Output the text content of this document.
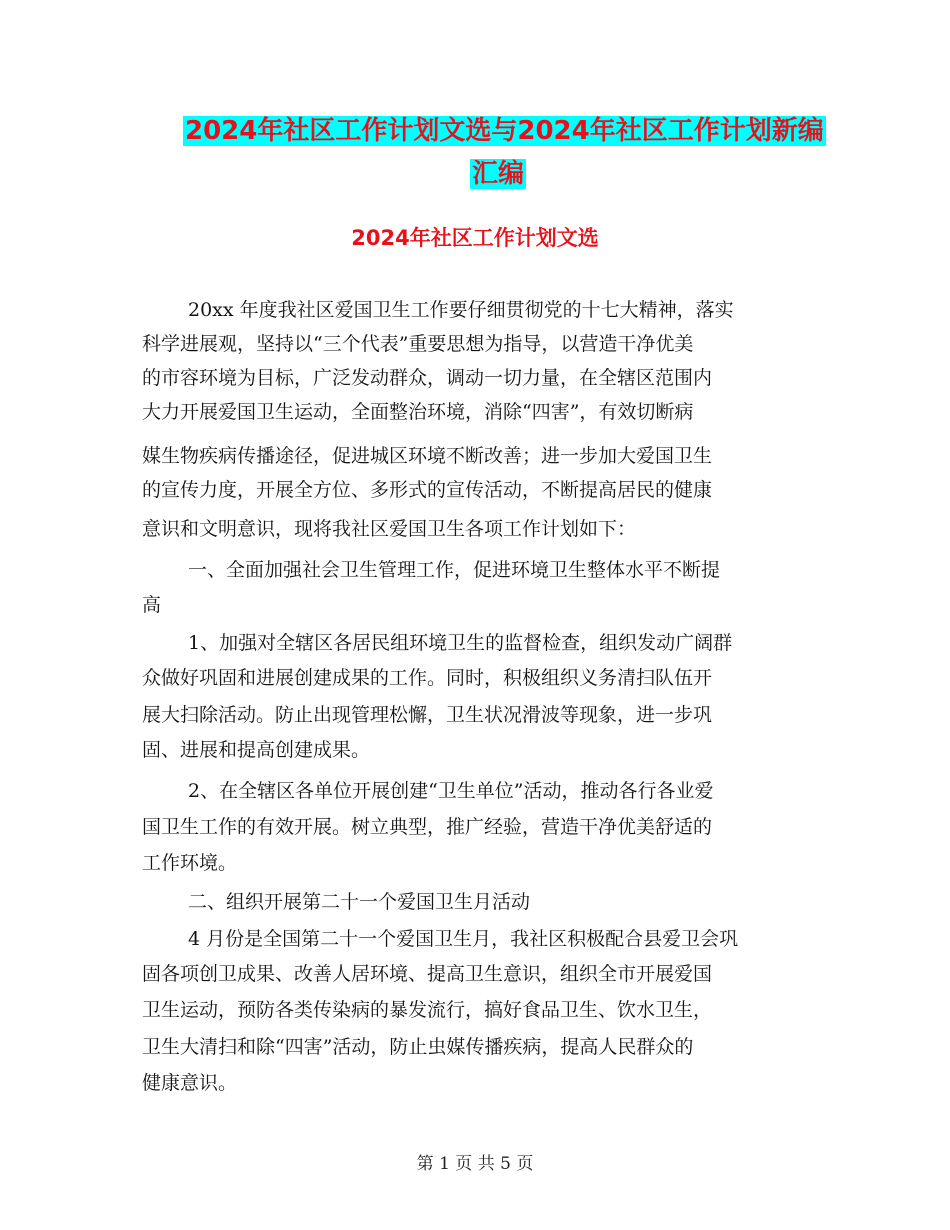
2024年社区工作计划文选与2024年社区工作计划新编
汇编
2024年社区工作计划文选
20xx 年度我社区爱国卫生工作要仔细贯彻党的十七大精神，落实
科学进展观，坚持以“三个代表”重要思想为指导，以营造干净优美
的市容环境为目标，广泛发动群众，调动一切力量，在全辖区范围内
大力开展爱国卫生运动，全面整治环境，消除“四害”，有效切断病
媒生物疾病传播途径，促进城区环境不断改善；进一步加大爱国卫生
的宣传力度，开展全方位、多形式的宣传活动，不断提高居民的健康
意识和文明意识，现将我社区爱国卫生各项工作计划如下：
一、全面加强社会卫生管理工作，促进环境卫生整体水平不断提
高
1、加强对全辖区各居民组环境卫生的监督检查，组织发动广阔群
众做好巩固和进展创建成果的工作。同时，积极组织义务清扫队伍开
展大扫除活动。防止出现管理松懈，卫生状况滑波等现象，进一步巩
固、进展和提高创建成果。
2、在全辖区各单位开展创建“卫生单位”活动，推动各行各业爱
国卫生工作的有效开展。树立典型，推广经验，营造干净优美舒适的
工作环境。
二、组织开展第二十一个爱国卫生月活动
4 月份是全国第二十一个爱国卫生月，我社区积极配合县爱卫会巩
固各项创卫成果、改善人居环境、提高卫生意识，组织全市开展爱国
卫生运动，预防各类传染病的暴发流行，搞好食品卫生、饮水卫生，
卫生大清扫和除“四害”活动，防止虫媒传播疾病，提高人民群众的
健康意识。
第 1 页 共 5 页
